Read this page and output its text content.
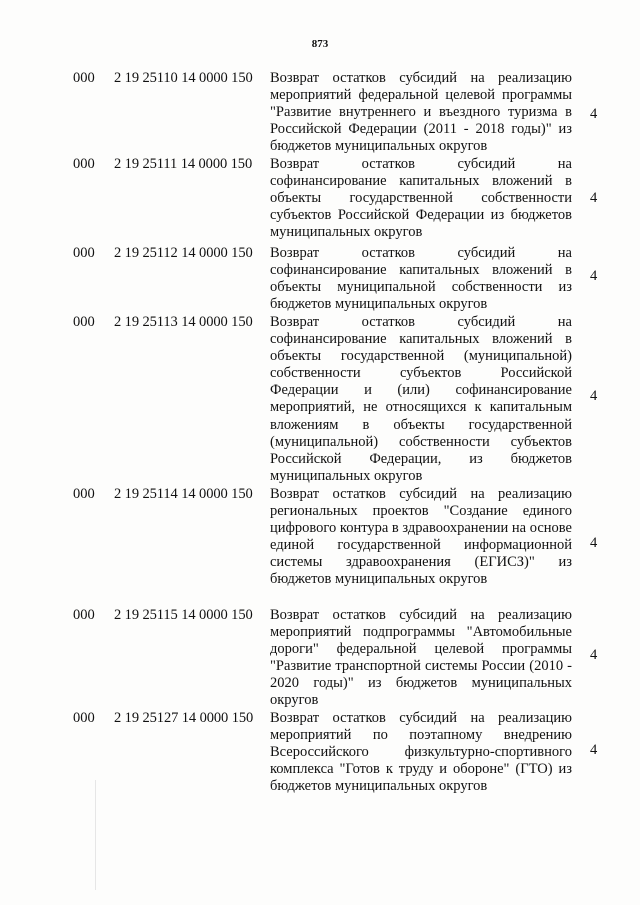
873
000 2 19 25110 14 0000 150 Возврат остатков субсидий на реализацию мероприятий федеральной целевой программы "Развитие внутреннего и въездного туризма в Российской Федерации (2011 - 2018 годы)" из бюджетов муниципальных округов
4
000 2 19 25111 14 0000 150 Возврат остатков субсидий на софинансирование капитальных вложений в объекты государственной собственности субъектов Российской Федерации из бюджетов муниципальных округов
4
000 2 19 25112 14 0000 150 Возврат остатков субсидий на софинансирование капитальных вложений в объекты муниципальной собственности из бюджетов муниципальных округов
4
000 2 19 25113 14 0000 150 Возврат остатков субсидий на софинансирование капитальных вложений в объекты государственной (муниципальной) собственности субъектов Российской Федерации и (или) софинансирование мероприятий, не относящихся к капитальным вложениям в объекты государственной (муниципальной) собственности субъектов Российской Федерации, из бюджетов муниципальных округов
4
000 2 19 25114 14 0000 150 Возврат остатков субсидий на реализацию региональных проектов "Создание единого цифрового контура в здравоохранении на основе единой государственной информационной системы здравоохранения (ЕГИСЗ)" из бюджетов муниципальных округов
4
000 2 19 25115 14 0000 150 Возврат остатков субсидий на реализацию мероприятий подпрограммы "Автомобильные дороги" федеральной целевой программы "Развитие транспортной системы России (2010 - 2020 годы)" из бюджетов муниципальных округов
4
000 2 19 25127 14 0000 150 Возврат остатков субсидий на реализацию мероприятий по поэтапному внедрению Всероссийского физкультурно-спортивного комплекса "Готов к труду и обороне" (ГТО) из бюджетов муниципальных округов
4
